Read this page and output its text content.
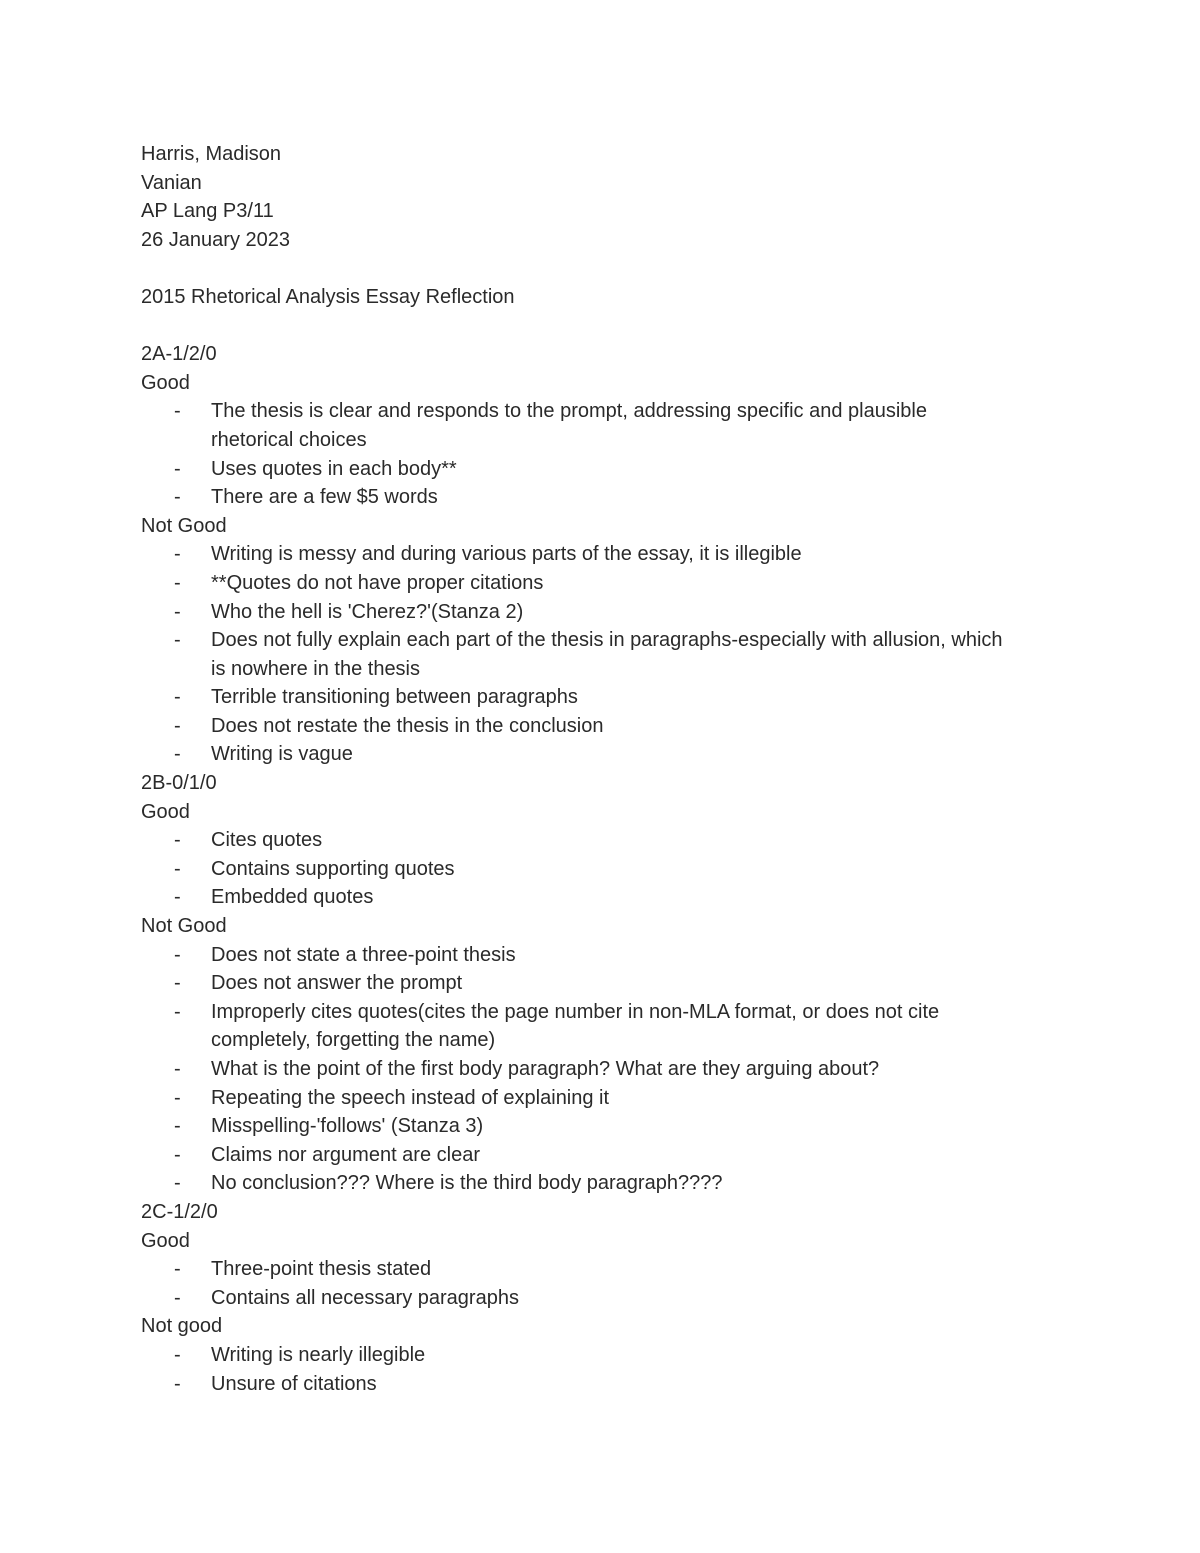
Harris, Madison
Vanian
AP Lang P3/11
26 January 2023
2015 Rhetorical Analysis Essay Reflection
2A-1/2/0
Good
- The thesis is clear and responds to the prompt, addressing specific and plausible rhetorical choices
- Uses quotes in each body**
- There are a few $5 words
Not Good
- Writing is messy and during various parts of the essay, it is illegible
- **Quotes do not have proper citations
- Who the hell is 'Cherez?'(Stanza 2)
- Does not fully explain each part of the thesis in paragraphs-especially with allusion, which is nowhere in the thesis
- Terrible transitioning between paragraphs
- Does not restate the thesis in the conclusion
- Writing is vague
2B-0/1/0
Good
- Cites quotes
- Contains supporting quotes
- Embedded quotes
Not Good
- Does not state a three-point thesis
- Does not answer the prompt
- Improperly cites quotes(cites the page number in non-MLA format, or does not cite completely, forgetting the name)
- What is the point of the first body paragraph? What are they arguing about?
- Repeating the speech instead of explaining it
- Misspelling-'follows' (Stanza 3)
- Claims nor argument are clear
- No conclusion??? Where is the third body paragraph????
2C-1/2/0
Good
- Three-point thesis stated
- Contains all necessary paragraphs
Not good
- Writing is nearly illegible
- Unsure of citations
